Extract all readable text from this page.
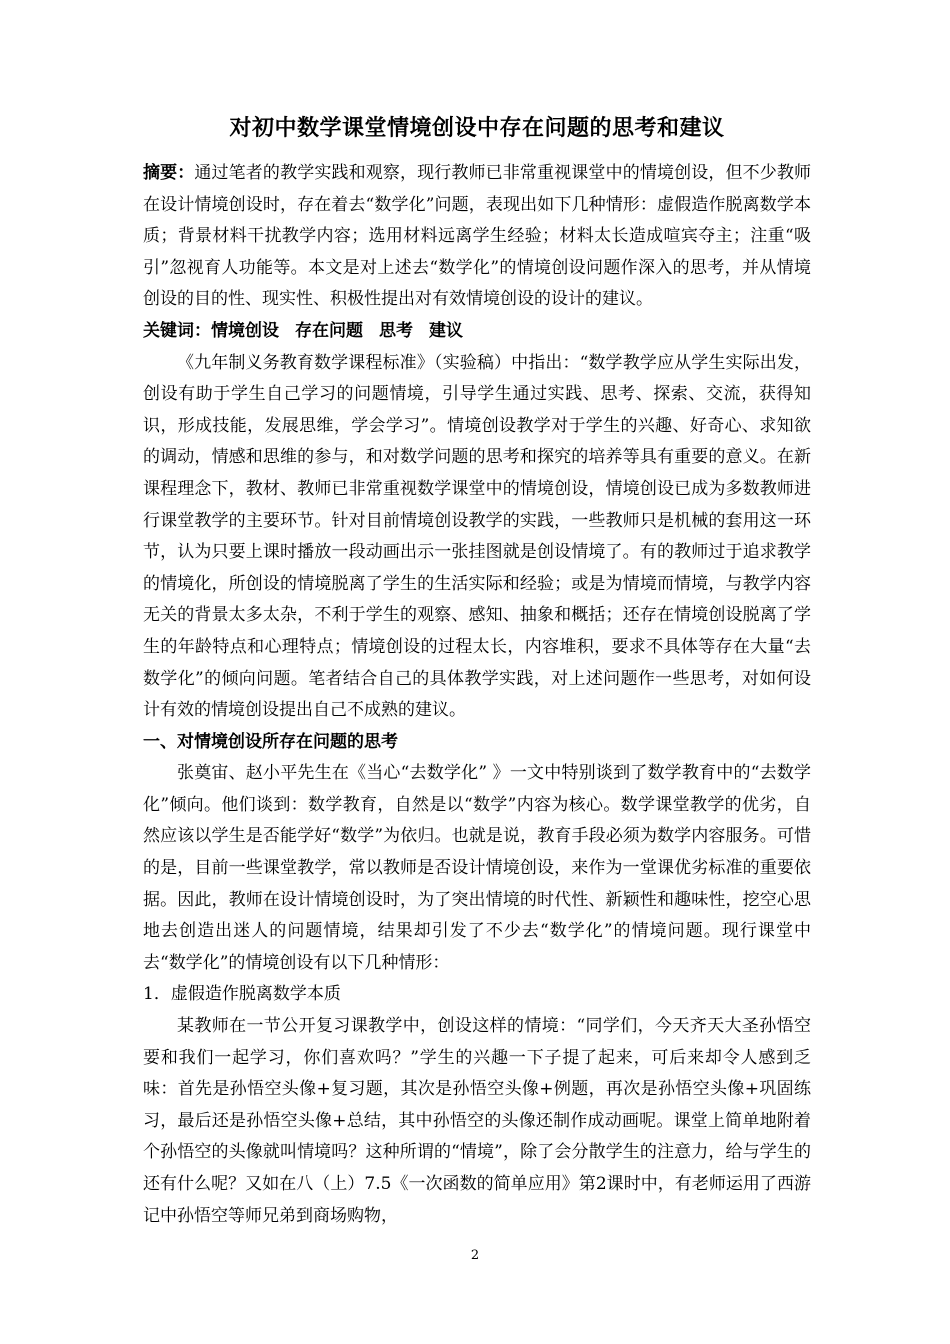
对初中数学课堂情境创设中存在问题的思考和建议

摘要：通过笔者的教学实践和观察，现行教师已非常重视课堂中的情境创设，但不少教师在设计情境创设时，存在着去“数学化”问题，表现出如下几种情形：虚假造作脱离数学本质；背景材料干扰教学内容；选用材料远离学生经验；材料太长造成喧宾夺主；注重“吸引”忽视育人功能等。本文是对上述去“数学化”的情境创设问题作深入的思考，并从情境创设的目的性、现实性、积极性提出对有效情境创设的设计的建议。

关键词：情境创设 存在问题 思考 建议

《九年制义务教育数学课程标准》（实验稿）中指出：“数学教学应从学生实际出发，创设有助于学生自己学习的问题情境，引导学生通过实践、思考、探索、交流，获得知识，形成技能，发展思维，学会学习”。情境创设教学对于学生的兴趣、好奇心、求知欲的调动，情感和思维的参与，和对数学问题的思考和探究的培养等具有重要的意义。在新课程理念下，教材、教师已非常重视数学课堂中的情境创设，情境创设已成为多数教师进行课堂教学的主要环节。针对目前情境创设教学的实践，一些教师只是机械的套用这一环节，认为只要上课时播放一段动画出示一张挂图就是创设情境了。有的教师过于追求教学的情境化，所创设的情境脱离了学生的生活实际和经验；或是为情境而情境，与教学内容无关的背景太多太杂，不利于学生的观察、感知、抽象和概括；还存在情境创设脱离了学生的年龄特点和心理特点；情境创设的过程太长，内容堆积，要求不具体等存在大量“去数学化”的倾向问题。笔者结合自己的具体教学实践，对上述问题作一些思考，对如何设计有效的情境创设提出自己不成熟的建议。

一、对情境创设所存在问题的思考

张奠宙、赵小平先生在《当心“去数学化” 》一文中特别谈到了数学教育中的“去数学化”倾向。他们谈到：数学教育，自然是以“数学”内容为核心。数学课堂教学的优劣，自然应该以学生是否能学好“数学”为依归。也就是说，教育手段必须为数学内容服务。可惜的是，目前一些课堂教学，常以教师是否设计情境创设，来作为一堂课优劣标准的重要依据。因此，教师在设计情境创设时，为了突出情境的时代性、新颖性和趣味性，挖空心思地去创造出迷人的问题情境，结果却引发了不少去“数学化”的情境问题。现行课堂中去“数学化”的情境创设有以下几种情形：

1．虚假造作脱离数学本质

某教师在一节公开复习课教学中，创设这样的情境：“同学们，今天齐天大圣孙悟空要和我们一起学习，你们喜欢吗？”学生的兴趣一下子提了起来，可后来却令人感到乏味：首先是孙悟空头像+复习题，其次是孙悟空头像+例题，再次是孙悟空头像+巩固练习，最后还是孙悟空头像+总结，其中孙悟空的头像还制作成动画呢。课堂上简单地附着个孙悟空的头像就叫情境吗？这种所谓的“情境”，除了会分散学生的注意力，给与学生的还有什么呢？又如在八（上）7.5《一次函数的简单应用》第2课时中，有老师运用了西游记中孙悟空等师兄弟到商场购物，

2
